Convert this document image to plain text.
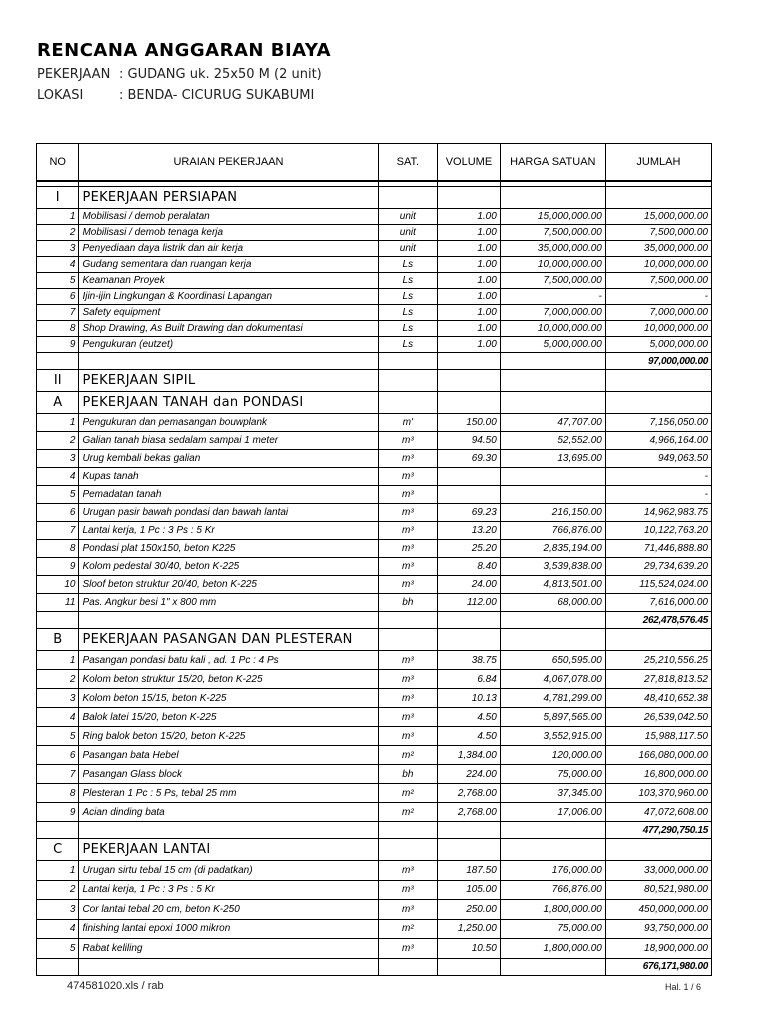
RENCANA ANGGARAN BIAYA
PEKERJAAN : GUDANG uk. 25x50 M (2 unit)
LOKASI	: BENDA- CICURUG SUKABUMI
NO	URAIAN PEKERJAAN	SAT.	VOLUME	HARGA SATUAN	JUMLAH

I	PEKERJAAN PERSIAPAN				
1	Mobilisasi / demob peralatan	unit	1.00	15,000,000.00	15,000,000.00
2	Mobilisasi / demob tenaga kerja	unit	1.00	7,500,000.00	7,500,000.00
3	Penyediaan daya listrik dan air kerja	unit	1.00	35,000,000.00	35,000,000.00
4	Gudang sementara dan ruangan kerja	Ls	1.00	10,000,000.00	10,000,000.00
5	Keamanan Proyek	Ls	1.00	7,500,000.00	7,500,000.00
6	Ijin-ijin Lingkungan & Koordinasi Lapangan	Ls	1.00	-	-
7	Safety equipment	Ls	1.00	7,000,000.00	7,000,000.00
8	Shop Drawing, As Built Drawing dan dokumentasi	Ls	1.00	10,000,000.00	10,000,000.00
9	Pengukuran (eutzet)	Ls	1.00	5,000,000.00	5,000,000.00
					97,000,000.00
II	PEKERJAAN SIPIL				
A	PEKERJAAN TANAH dan PONDASI				
1	Pengukuran dan pemasangan bouwplank	m'	150.00	47,707.00	7,156,050.00
2	Galian tanah biasa sedalam sampai 1 meter	m³	94.50	52,552.00	4,966,164.00
3	Urug kembali bekas galian	m³	69.30	13,695.00	949,063.50
4	Kupas tanah	m³			-
5	Pemadatan tanah	m³			-
6	Urugan pasir bawah pondasi dan bawah lantai	m³	69.23	216,150.00	14,962,983.75
7	Lantai kerja, 1 Pc : 3 Ps : 5 Kr	m³	13.20	766,876.00	10,122,763.20
8	Pondasi plat 150x150, beton K225	m³	25.20	2,835,194.00	71,446,888.80
9	Kolom pedestal 30/40, beton K-225	m³	8.40	3,539,838.00	29,734,639.20
10	Sloof beton struktur 20/40, beton K-225	m³	24.00	4,813,501.00	115,524,024.00
11	Pas. Angkur besi 1" x 800 mm	bh	112.00	68,000.00	7,616,000.00
					262,478,576.45
B	PEKERJAAN PASANGAN DAN PLESTERAN				
1	Pasangan pondasi batu kali , ad. 1 Pc : 4 Ps	m³	38.75	650,595.00	25,210,556.25
2	Kolom beton struktur 15/20, beton K-225	m³	6.84	4,067,078.00	27,818,813.52
3	Kolom beton 15/15, beton K-225	m³	10.13	4,781,299.00	48,410,652.38
4	Balok latei 15/20, beton K-225	m³	4.50	5,897,565.00	26,539,042.50
5	Ring balok beton 15/20, beton K-225	m³	4.50	3,552,915.00	15,988,117.50
6	Pasangan bata Hebel	m²	1,384.00	120,000.00	166,080,000.00
7	Pasangan Glass block	bh	224.00	75,000.00	16,800,000.00
8	Plesteran 1 Pc : 5 Ps, tebal 25 mm	m²	2,768.00	37,345.00	103,370,960.00
9	Acian dinding bata	m²	2,768.00	17,006.00	47,072,608.00
					477,290,750.15
C	PEKERJAAN LANTAI				
1	Urugan sirtu tebal 15 cm (di padatkan)	m³	187.50	176,000.00	33,000,000.00
2	Lantai kerja, 1 Pc : 3 Ps : 5 Kr	m³	105.00	766,876.00	80,521,980.00
3	Cor lantai tebal 20 cm, beton K-250	m³	250.00	1,800,000.00	450,000,000.00
4	finishing lantai epoxi 1000 mikron	m²	1,250.00	75,000.00	93,750,000.00
5	Rabat keliling	m³	10.50	1,800,000.00	18,900,000.00
					676,171,980.00
474581020.xls / rab	Hal. 1 / 6
